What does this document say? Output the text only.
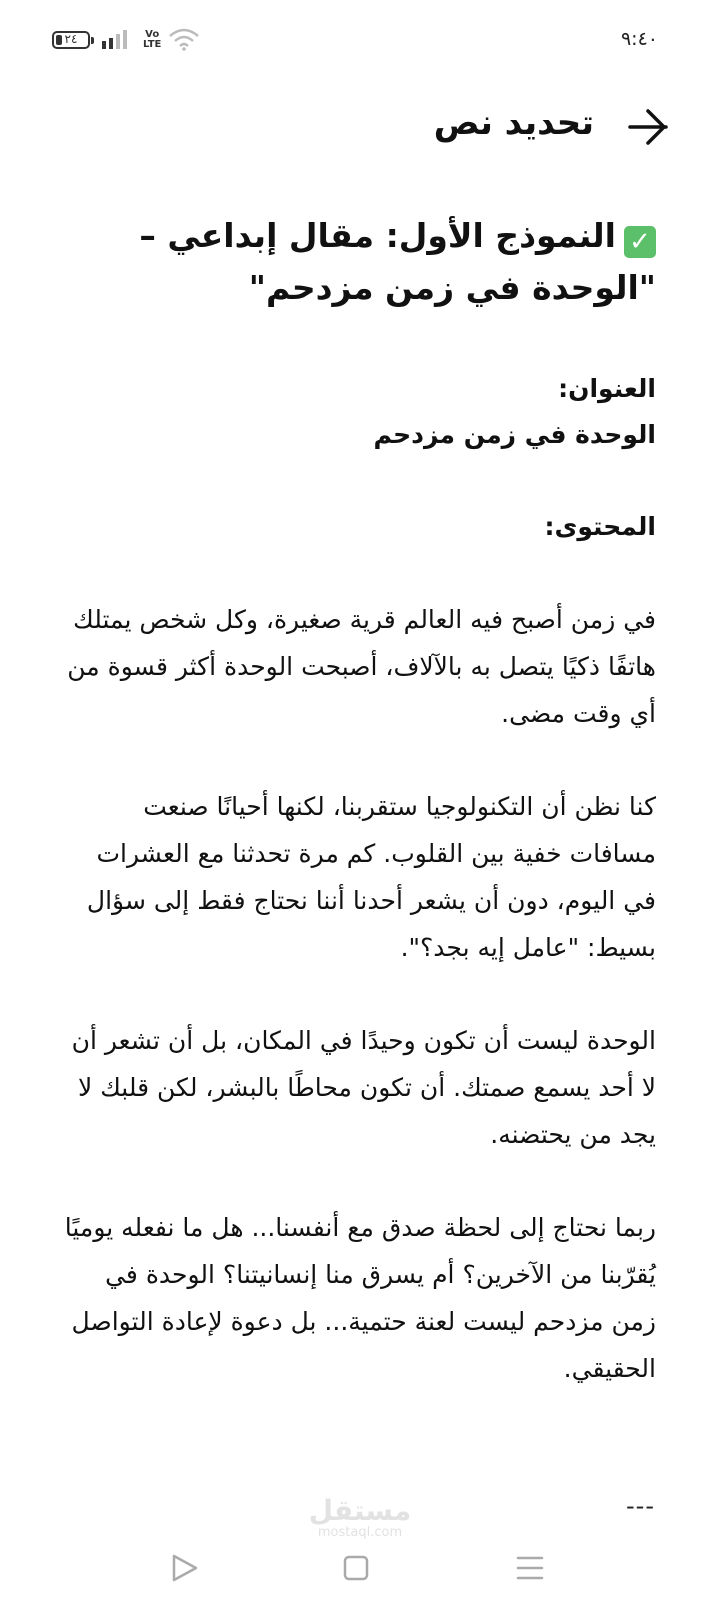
٢٤	Vo
LTE	٩:٤٠
تحديد نص
✓النموذج الأول: مقال إبداعي –
"الوحدة في زمن مزدحم"

العنوان:

الوحدة في زمن مزدحم

المحتوى:

في زمن أصبح فيه العالم قرية صغيرة، وكل شخص يمتلك هاتفًا ذكيًا يتصل به بالآلاف، أصبحت الوحدة أكثر قسوة من أي وقت مضى.

كنا نظن أن التكنولوجيا ستقربنا، لكنها أحيانًا صنعت مسافات خفية بين القلوب. كم مرة تحدثنا مع العشرات في اليوم، دون أن يشعر أحدنا أننا نحتاج فقط إلى سؤال بسيط: "عامل إيه بجد؟".

الوحدة ليست أن تكون وحيدًا في المكان، بل أن تشعر أن لا أحد يسمع صمتك. أن تكون محاطًا بالبشر، لكن قلبك لا يجد من يحتضنه.

ربما نحتاج إلى لحظة صدق مع أنفسنا... هل ما نفعله يوميًا يُقرّبنا من الآخرين؟ أم يسرق منا إنسانيتنا؟ الوحدة في زمن مزدحم ليست لعنة حتمية... بل دعوة لإعادة التواصل الحقيقي.

---
مستقل
mostaql.com
